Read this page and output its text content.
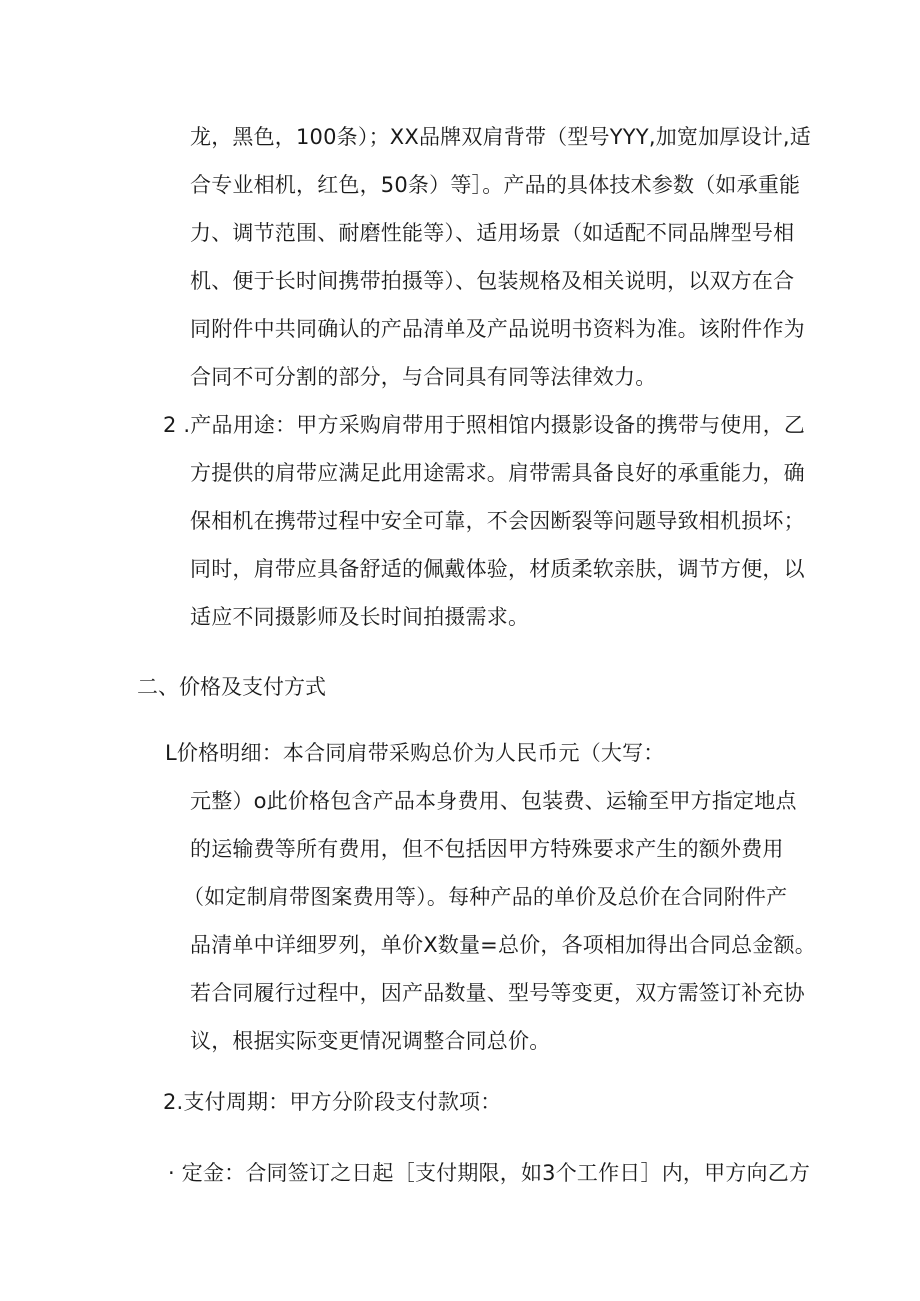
龙，黑色，100条）；XX品牌双肩背带（型号YYY,加宽加厚设计,适
合专业相机，红色，50条）等］。产品的具体技术参数（如承重能
力、调节范围、耐磨性能等）、适用场景（如适配不同品牌型号相
机、便于长时间携带拍摄等）、包装规格及相关说明，以双方在合
同附件中共同确认的产品清单及产品说明书资料为准。该附件作为
合同不可分割的部分，与合同具有同等法律效力。
2 .产品用途：甲方采购肩带用于照相馆内摄影设备的携带与使用，乙
方提供的肩带应满足此用途需求。肩带需具备良好的承重能力，确
保相机在携带过程中安全可靠，不会因断裂等问题导致相机损坏；
同时，肩带应具备舒适的佩戴体验，材质柔软亲肤，调节方便，以
适应不同摄影师及长时间拍摄需求。
二、价格及支付方式
L价格明细：本合同肩带采购总价为人民币元（大写：
元整）o此价格包含产品本身费用、包装费、运输至甲方指定地点
的运输费等所有费用，但不包括因甲方特殊要求产生的额外费用
（如定制肩带图案费用等）。每种产品的单价及总价在合同附件产
品清单中详细罗列，单价X数量=总价，各项相加得出合同总金额。
若合同履行过程中，因产品数量、型号等变更，双方需签订补充协
议，根据实际变更情况调整合同总价。
2.支付周期：甲方分阶段支付款项：
· 定金：合同签订之日起［支付期限，如3个工作日］内，甲方向乙方
